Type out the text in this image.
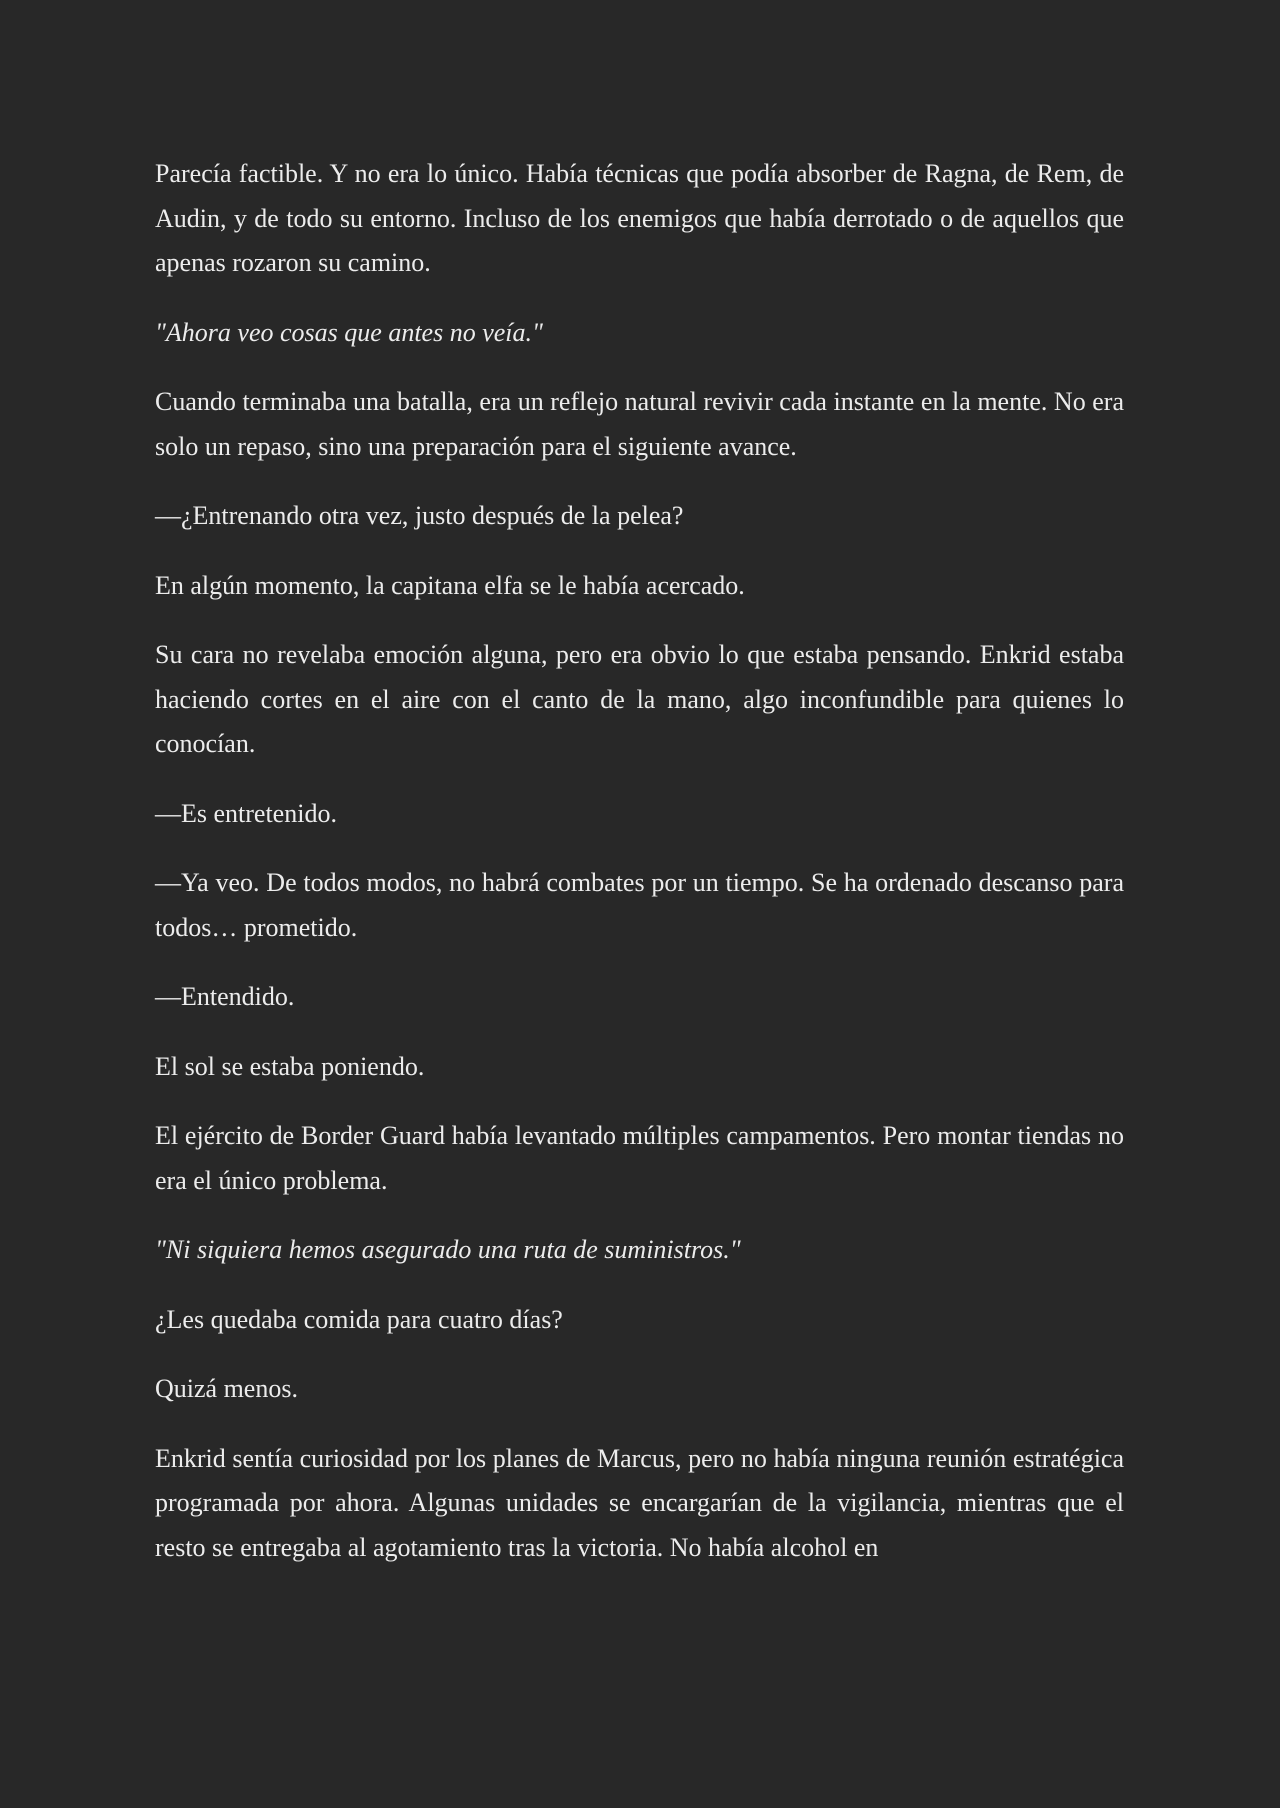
Parecía factible. Y no era lo único. Había técnicas que podía absorber de Ragna, de Rem, de Audin, y de todo su entorno. Incluso de los enemigos que había derrotado o de aquellos que apenas rozaron su camino.

"Ahora veo cosas que antes no veía."

Cuando terminaba una batalla, era un reflejo natural revivir cada instante en la mente. No era solo un repaso, sino una preparación para el siguiente avance.

—¿Entrenando otra vez, justo después de la pelea?

En algún momento, la capitana elfa se le había acercado.

Su cara no revelaba emoción alguna, pero era obvio lo que estaba pensando. Enkrid estaba haciendo cortes en el aire con el canto de la mano, algo inconfundible para quienes lo conocían.

—Es entretenido.

—Ya veo. De todos modos, no habrá combates por un tiempo. Se ha ordenado descanso para todos… prometido.

—Entendido.

El sol se estaba poniendo.

El ejército de Border Guard había levantado múltiples campamentos. Pero montar tiendas no era el único problema.

"Ni siquiera hemos asegurado una ruta de suministros."

¿Les quedaba comida para cuatro días?

Quizá menos.

Enkrid sentía curiosidad por los planes de Marcus, pero no había ninguna reunión estratégica programada por ahora. Algunas unidades se encargarían de la vigilancia, mientras que el resto se entregaba al agotamiento tras la victoria. No había alcohol en
